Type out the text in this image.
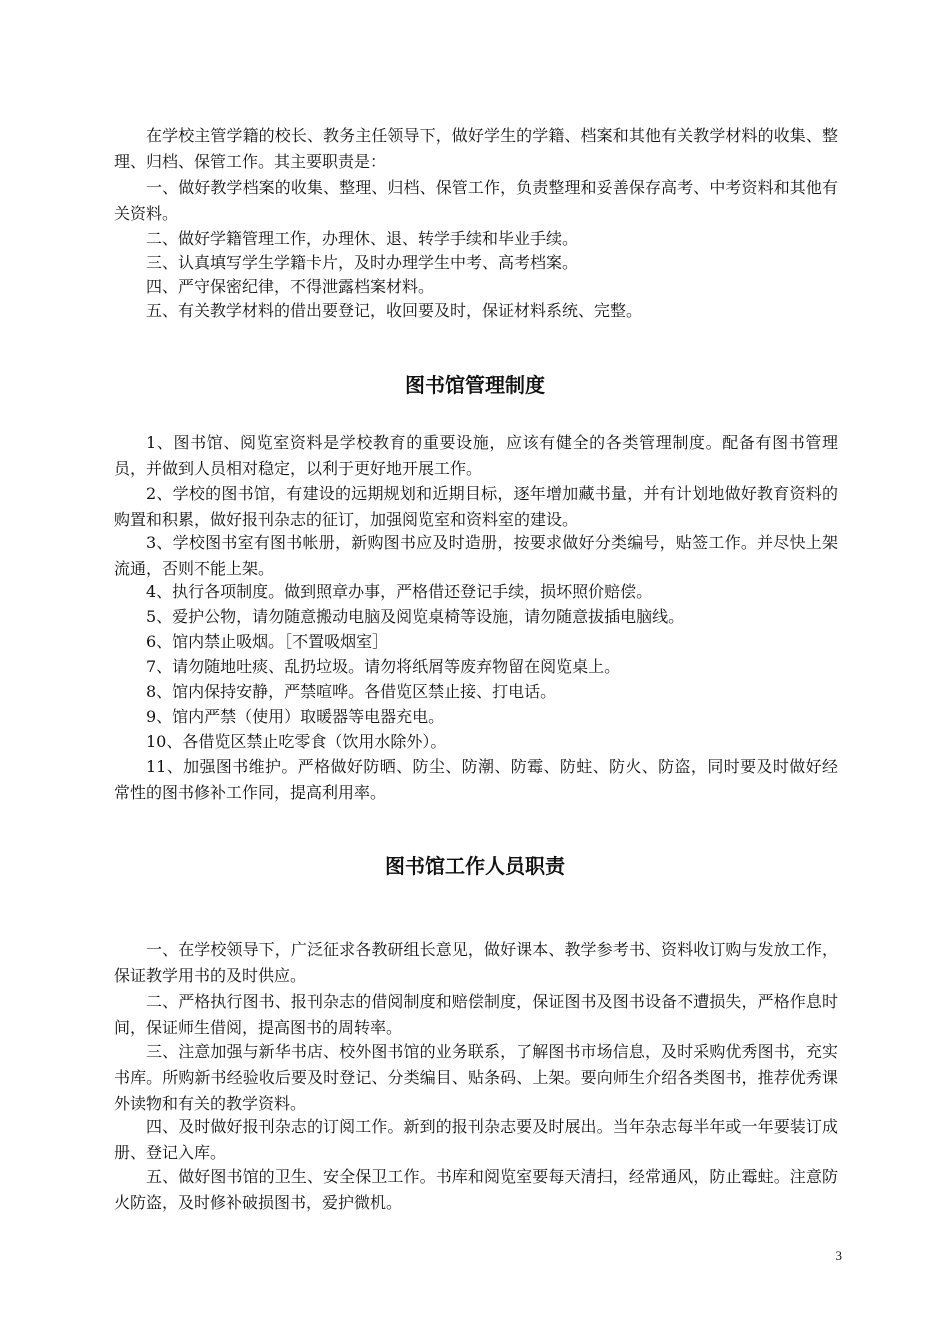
在学校主管学籍的校长、教务主任领导下，做好学生的学籍、档案和其他有关教学材料的收集、整理、归档、保管工作。其主要职责是：

一、做好教学档案的收集、整理、归档、保管工作，负责整理和妥善保存高考、中考资料和其他有关资料。

二、做好学籍管理工作，办理休、退、转学手续和毕业手续。

三、认真填写学生学籍卡片，及时办理学生中考、高考档案。

四、严守保密纪律，不得泄露档案材料。

五、有关教学材料的借出要登记，收回要及时，保证材料系统、完整。

图书馆管理制度

1、图书馆、阅览室资料是学校教育的重要设施，应该有健全的各类管理制度。配备有图书管理员，并做到人员相对稳定，以利于更好地开展工作。

2、学校的图书馆，有建设的远期规划和近期目标，逐年增加藏书量，并有计划地做好教育资料的购置和积累，做好报刊杂志的征订，加强阅览室和资料室的建设。

3、学校图书室有图书帐册，新购图书应及时造册，按要求做好分类编号，贴签工作。并尽快上架流通，否则不能上架。

4、执行各项制度。做到照章办事，严格借还登记手续，损坏照价赔偿。

5、爱护公物，请勿随意搬动电脑及阅览桌椅等设施，请勿随意拔插电脑线。

6、馆内禁止吸烟。［不置吸烟室］

7、请勿随地吐痰、乱扔垃圾。请勿将纸屑等废弃物留在阅览桌上。

8、馆内保持安静，严禁喧哗。各借览区禁止接、打电话。

9、馆内严禁（使用）取暖器等电器充电。

10、各借览区禁止吃零食（饮用水除外）。

11、加强图书维护。严格做好防晒、防尘、防潮、防霉、防蛀、防火、防盗，同时要及时做好经常性的图书修补工作同，提高利用率。

图书馆工作人员职责

一、在学校领导下，广泛征求各教研组长意见，做好课本、教学参考书、资料收订购与发放工作，保证教学用书的及时供应。

二、严格执行图书、报刊杂志的借阅制度和赔偿制度，保证图书及图书设备不遭损失，严格作息时间，保证师生借阅，提高图书的周转率。

三、注意加强与新华书店、校外图书馆的业务联系，了解图书市场信息，及时采购优秀图书，充实书库。所购新书经验收后要及时登记、分类编目、贴条码、上架。要向师生介绍各类图书，推荐优秀课外读物和有关的教学资料。

四、及时做好报刊杂志的订阅工作。新到的报刊杂志要及时展出。当年杂志每半年或一年要装订成册、登记入库。

五、做好图书馆的卫生、安全保卫工作。书库和阅览室要每天清扫，经常通风，防止霉蛀。注意防火防盗，及时修补破损图书，爱护微机。

3
